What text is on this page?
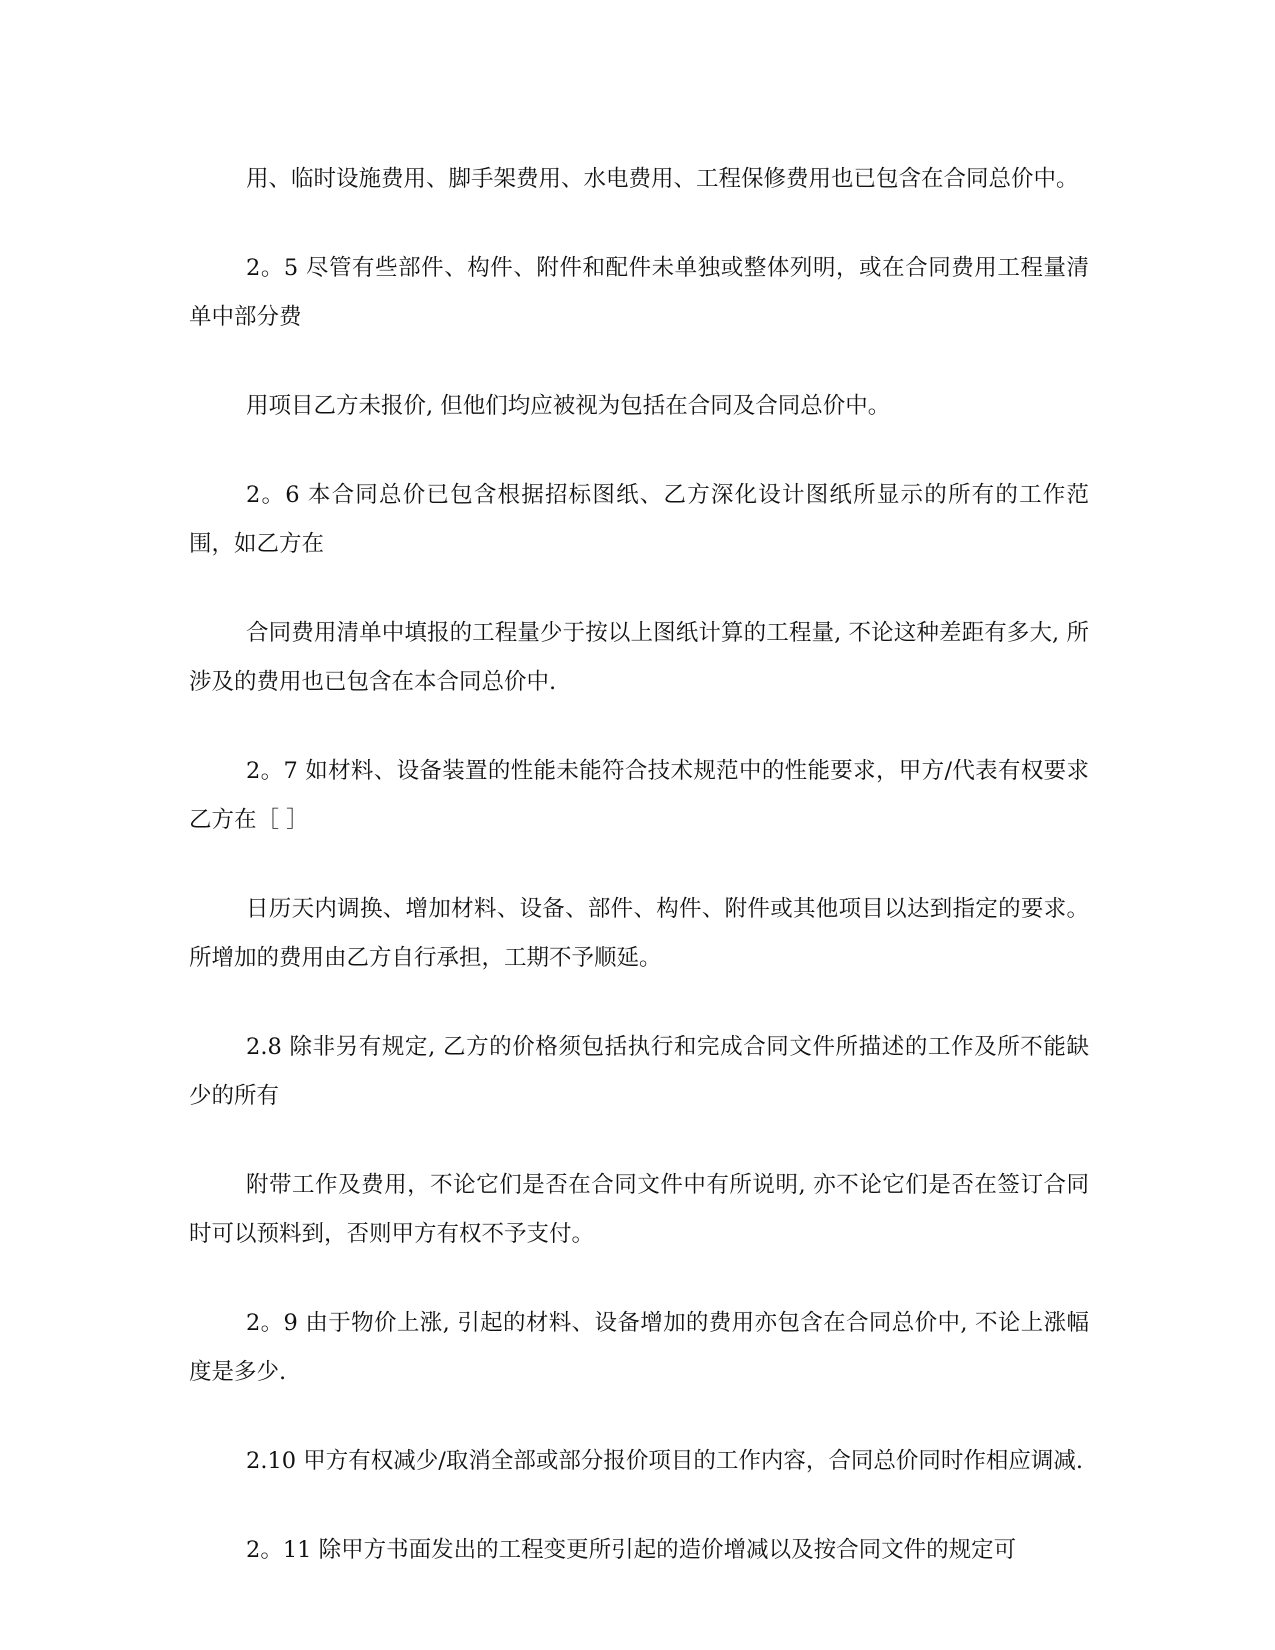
用、临时设施费用、脚手架费用、水电费用、工程保修费用也已包含在合同总价中。

2。5 尽管有些部件、构件、附件和配件未单独或整体列明，或在合同费用工程量清单中部分费

用项目乙方未报价, 但他们均应被视为包括在合同及合同总价中。

2。6 本合同总价已包含根据招标图纸、乙方深化设计图纸所显示的所有的工作范围，如乙方在

合同费用清单中填报的工程量少于按以上图纸计算的工程量, 不论这种差距有多大, 所涉及的费用也已包含在本合同总价中.

2。7 如材料、设备装置的性能未能符合技术规范中的性能要求，甲方/代表有权要求乙方在［ ］

日历天内调换、增加材料、设备、部件、构件、附件或其他项目以达到指定的要求。所增加的费用由乙方自行承担，工期不予顺延。

2.8 除非另有规定, 乙方的价格须包括执行和完成合同文件所描述的工作及所不能缺少的所有

附带工作及费用，不论它们是否在合同文件中有所说明, 亦不论它们是否在签订合同时可以预料到，否则甲方有权不予支付。

2。9 由于物价上涨, 引起的材料、设备增加的费用亦包含在合同总价中, 不论上涨幅度是多少.

2.10 甲方有权减少/取消全部或部分报价项目的工作内容，合同总价同时作相应调减.

2。11 除甲方书面发出的工程变更所引起的造价增减以及按合同文件的规定可
